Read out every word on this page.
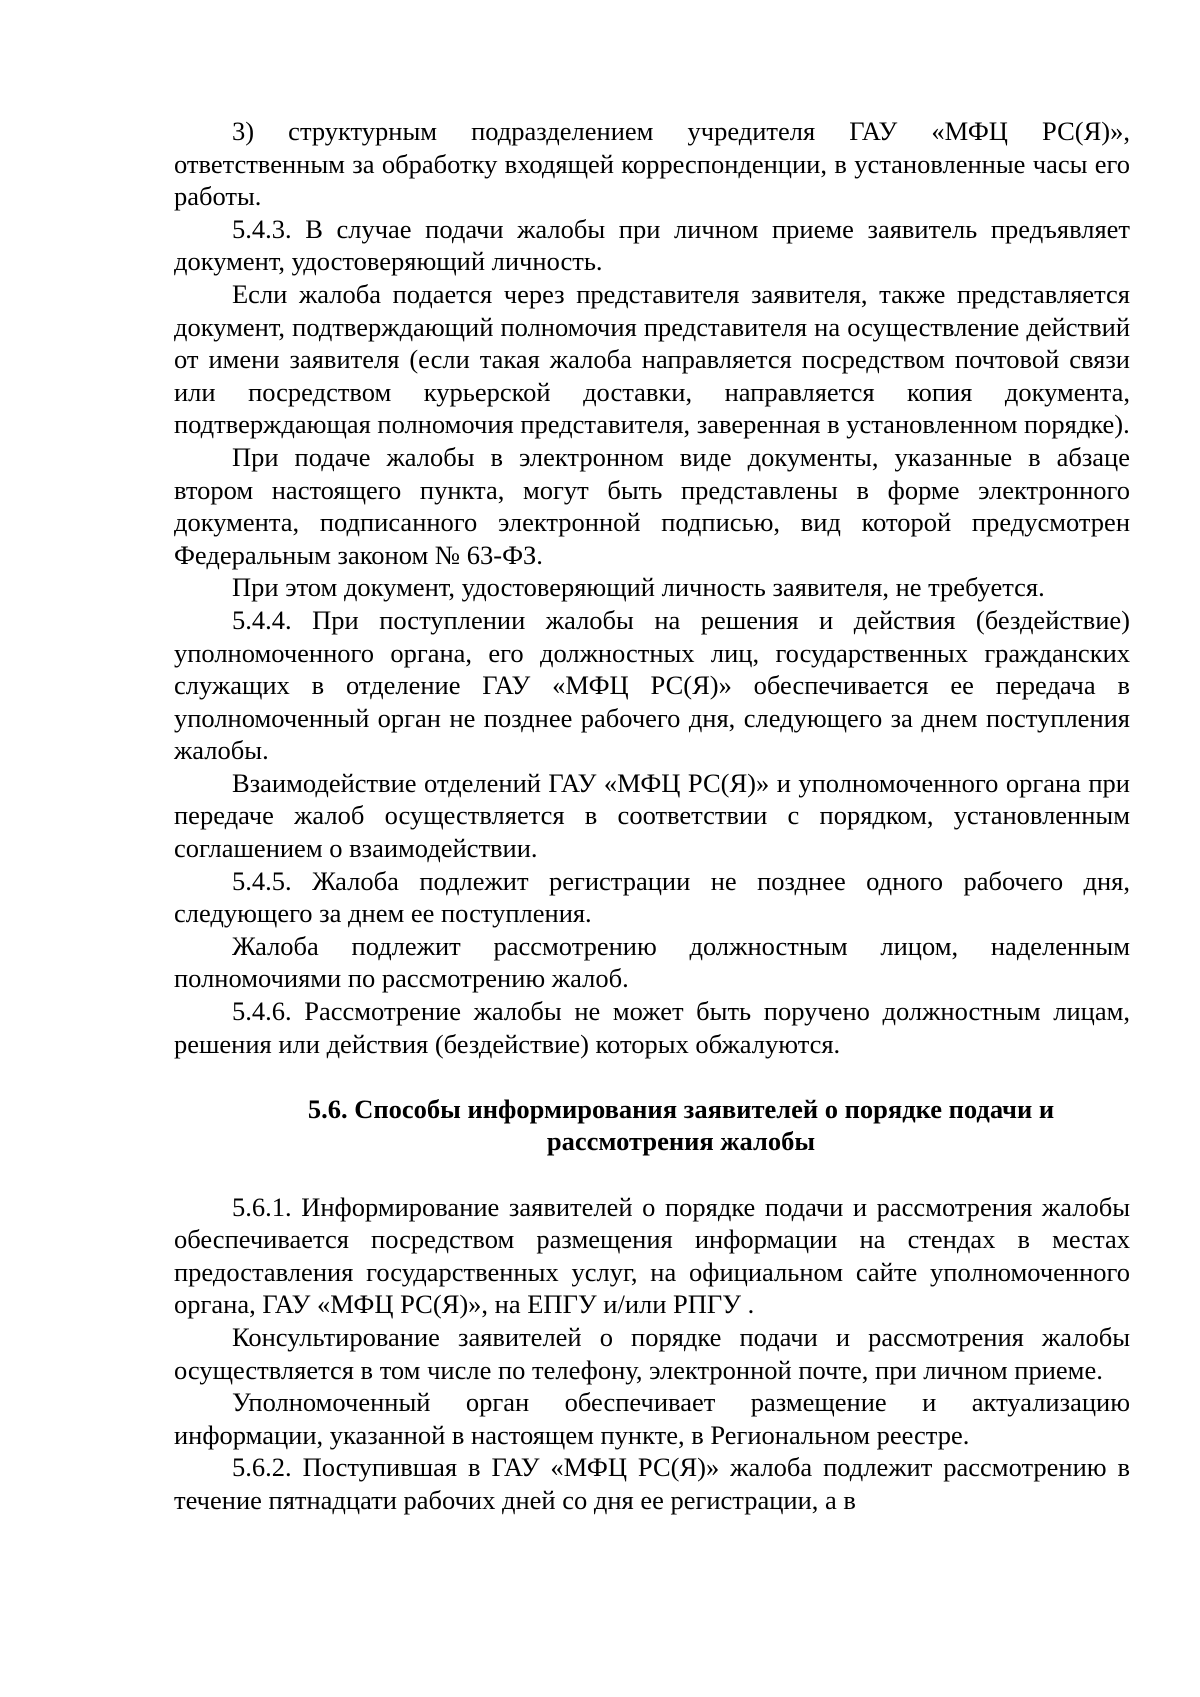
3) структурным подразделением учредителя ГАУ «МФЦ РС(Я)», ответственным за обработку входящей корреспонденции, в установленные часы его работы.

5.4.3. В случае подачи жалобы при личном приеме заявитель предъявляет документ, удостоверяющий личность.

Если жалоба подается через представителя заявителя, также представляется документ, подтверждающий полномочия представителя на осуществление действий от имени заявителя (если такая жалоба направляется посредством почтовой связи или посредством курьерской доставки, направляется копия документа, подтверждающая полномочия представителя, заверенная в установленном порядке).

При подаче жалобы в электронном виде документы, указанные в абзаце втором настоящего пункта, могут быть представлены в форме электронного документа, подписанного электронной подписью, вид которой предусмотрен Федеральным законом № 63-ФЗ.

При этом документ, удостоверяющий личность заявителя, не требуется.

5.4.4. При поступлении жалобы на решения и действия (бездействие) уполномоченного органа, его должностных лиц, государственных гражданских служащих в отделение ГАУ «МФЦ РС(Я)» обеспечивается ее передача в уполномоченный орган не позднее рабочего дня, следующего за днем поступления жалобы.

Взаимодействие отделений ГАУ «МФЦ РС(Я)» и уполномоченного органа при передаче жалоб осуществляется в соответствии с порядком, установленным соглашением о взаимодействии.

5.4.5. Жалоба подлежит регистрации не позднее одного рабочего дня, следующего за днем ее поступления.

Жалоба подлежит рассмотрению должностным лицом, наделенным полномочиями по рассмотрению жалоб.

5.4.6. Рассмотрение жалобы не может быть поручено должностным лицам, решения или действия (бездействие) которых обжалуются.

5.6. Способы информирования заявителей о порядке подачи и
рассмотрения жалобы

5.6.1. Информирование заявителей о порядке подачи и рассмотрения жалобы обеспечивается посредством размещения информации на стендах в местах предоставления государственных услуг, на официальном сайте уполномоченного органа, ГАУ «МФЦ РС(Я)», на ЕПГУ и/или РПГУ .

Консультирование заявителей о порядке подачи и рассмотрения жалобы осуществляется в том числе по телефону, электронной почте, при личном приеме.

Уполномоченный орган обеспечивает размещение и актуализацию информации, указанной в настоящем пункте, в Региональном реестре.

5.6.2. Поступившая в ГАУ «МФЦ РС(Я)» жалоба подлежит рассмотрению в течение пятнадцати рабочих дней со дня ее регистрации, а в
